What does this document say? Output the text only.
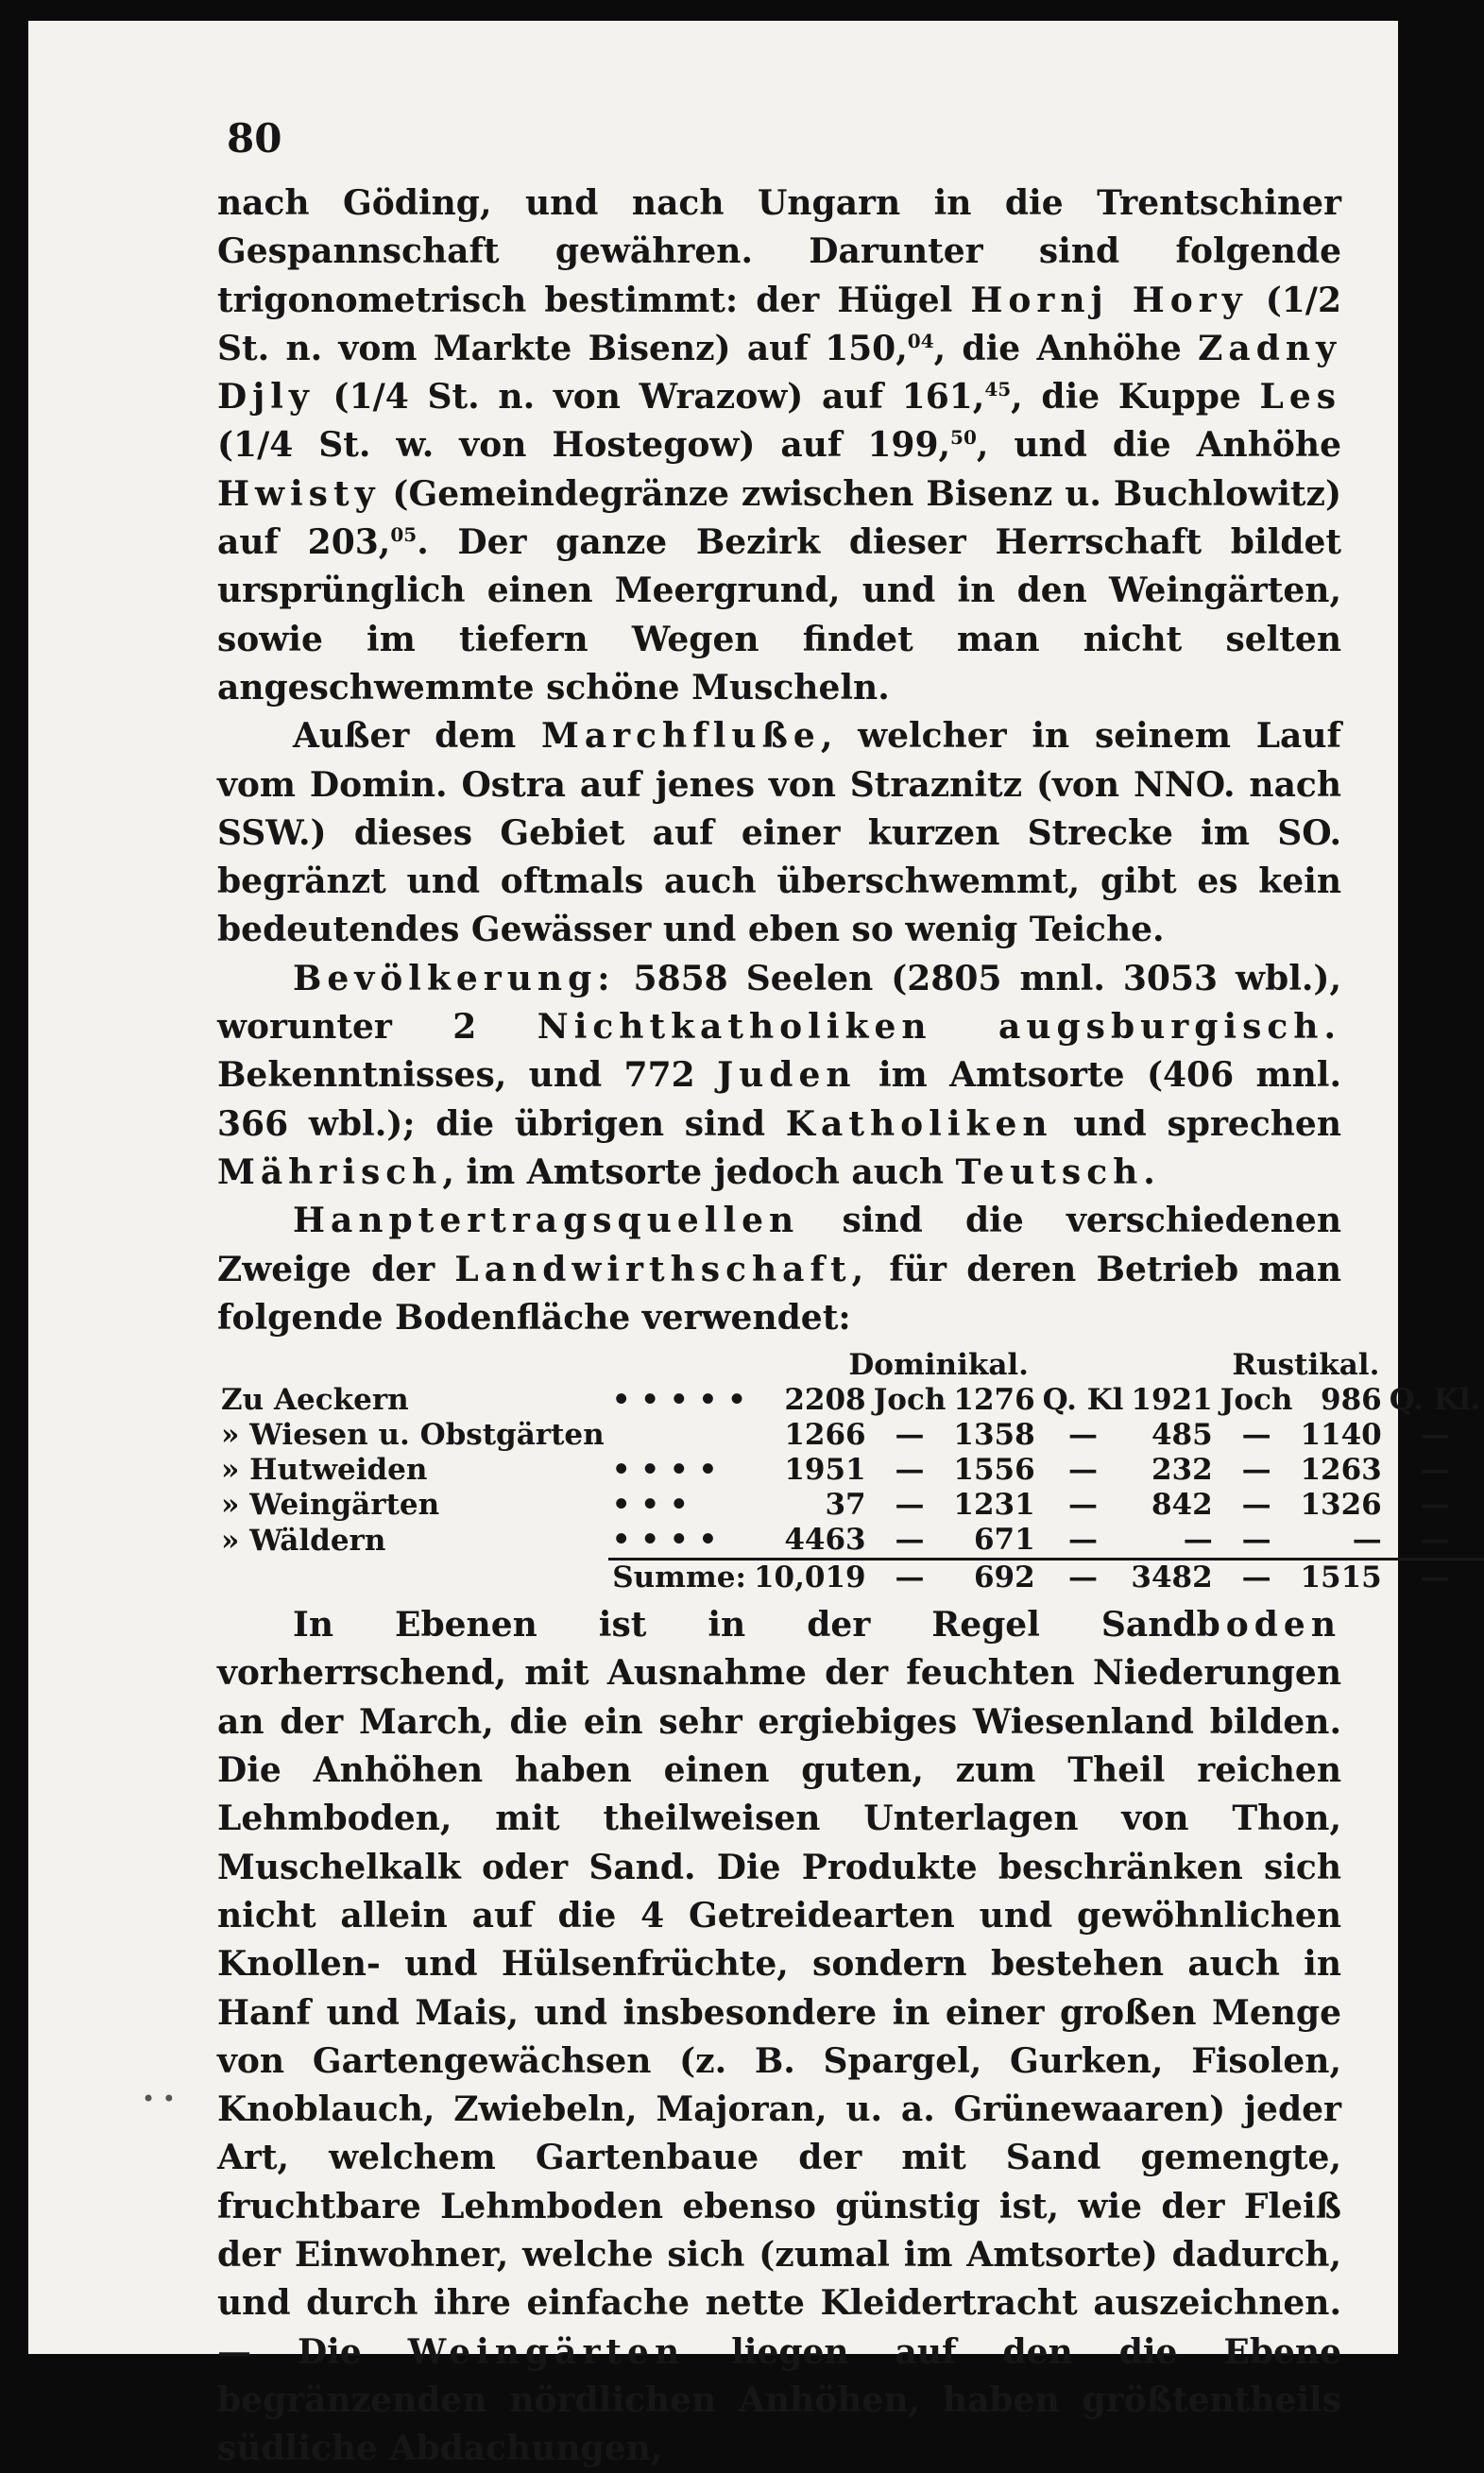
80

nach Göding, und nach Ungarn in die Trentschiner Gespannschaft gewähren. Darunter sind folgende trigonometrisch bestimmt: der Hügel Hornj Hory (1/2 St. n. vom Markte Bisenz) auf 150,04, die Anhöhe Zadny Djly (1/4 St. n. von Wrazow) auf 161,45, die Kuppe Les (1/4 St. w. von Hostegow) auf 199,50, und die Anhöhe Hwisty (Gemeindegränze zwischen Bisenz u. Buchlowitz) auf 203,05. Der ganze Bezirk dieser Herrschaft bildet ursprünglich einen Meergrund, und in den Weingärten, sowie im tiefern Wegen findet man nicht selten angeschwemmte schöne Muscheln.

Außer dem Marchfluße, welcher in seinem Lauf vom Domin. Ostra auf jenes von Straznitz (von NNO. nach SSW.) dieses Gebiet auf einer kurzen Strecke im SO. begränzt und oftmals auch überschwemmt, gibt es kein bedeutendes Gewässer und eben so wenig Teiche.

Bevölkerung: 5858 Seelen (2805 mnl. 3053 wbl.), worunter 2 Nichtkatholiken augsburgisch. Bekenntnisses, und 772 Juden im Amtsorte (406 mnl. 366 wbl.); die übrigen sind Katholiken und sprechen Mährisch, im Amtsorte jedoch auch Teutsch.

Hanptertragsquellen sind die verschiedenen Zweige der Landwirthschaft, für deren Betrieb man folgende Bodenfläche verwendet:

		Dominikal.				Rustikal.			
Zu Aeckern	• • • • •	2208	Joch	1276	Q. Kl	1921	Joch	986	Q. Kl.
» Wiesen u. Obstgärten		1266	—	1358	—	485	—	1140	—
» Hutweiden	• • • •	1951	—	1556	—	232	—	1263	—
» Weingärten	• • •	37	—	1231	—	842	—	1326	—
» Wäldern	• • • •	4463	—	671	—	—	—	—	—
	Summe:	10,019	—	692	—	3482	—	1515	—

In Ebenen ist in der Regel Sandboden vorherrschend, mit Ausnahme der feuchten Niederungen an der March, die ein sehr ergiebiges Wiesenland bilden. Die Anhöhen haben einen guten, zum Theil reichen Lehmboden, mit theilweisen Unterlagen von Thon, Muschelkalk oder Sand. Die Produkte beschränken sich nicht allein auf die 4 Getreidearten und gewöhnlichen Knollen- und Hülsenfrüchte, sondern bestehen auch in Hanf und Mais, und insbesondere in einer großen Menge von Gartengewächsen (z. B. Spargel, Gurken, Fisolen, Knoblauch, Zwiebeln, Majoran, u. a. Grünewaaren) jeder Art, welchem Gartenbaue der mit Sand gemengte, fruchtbare Lehmboden ebenso günstig ist, wie der Fleiß der Einwohner, welche sich (zumal im Amtsorte) dadurch, und durch ihre einfache nette Kleidertracht auszeichnen. — Die Weingärten liegen auf den die Ebene begränzenden nördlichen Anhöhen, haben größtentheils südliche Abdachungen,

• •
